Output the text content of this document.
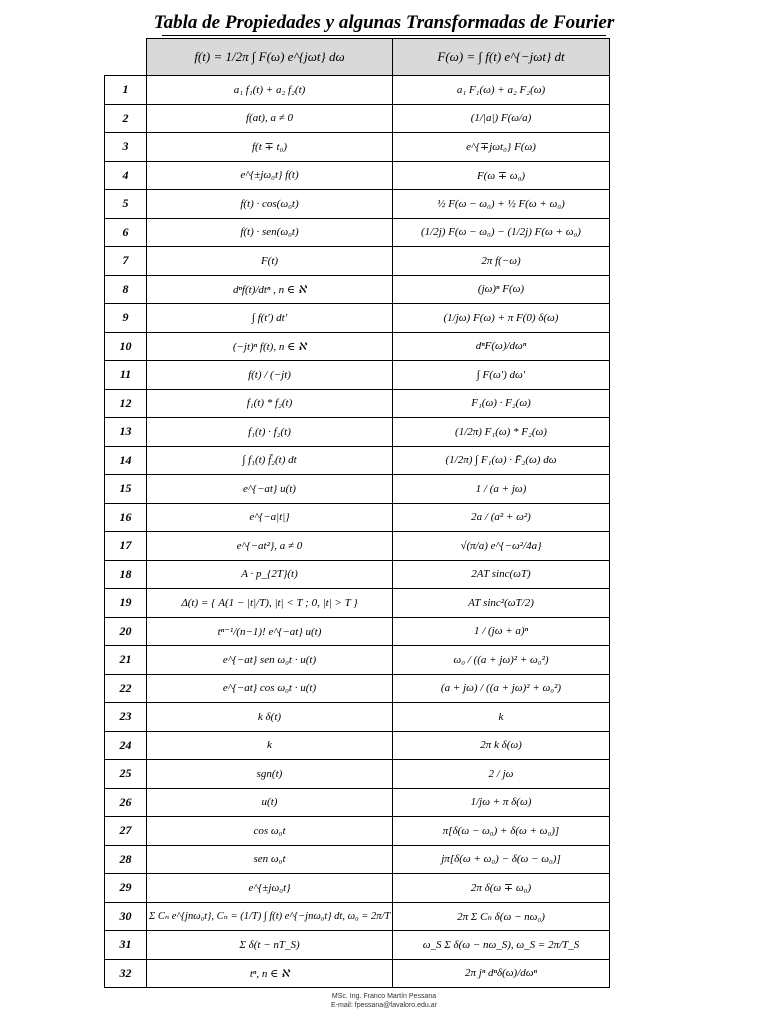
Tabla de Propiedades y algunas Transformadas de Fourier
	f(t) = 1/2π ∫ F(ω) e^{jωt} dω	F(ω) = ∫ f(t) e^{−jωt} dt
1	a₁ f₁(t) + a₂ f₂(t)	a₁ F₁(ω) + a₂ F₂(ω)
2	f(at), a ≠ 0	(1/|a|) F(ω/a)
3	f(t ∓ t₀)	e^{∓jωt₀} F(ω)
4	e^{±jω₀t} f(t)	F(ω ∓ ω₀)
5	f(t) · cos(ω₀t)	½ F(ω − ω₀) + ½ F(ω + ω₀)
6	f(t) · sen(ω₀t)	(1/2j) F(ω − ω₀) − (1/2j) F(ω + ω₀)
7	F(t)	2π f(−ω)
8	dⁿf(t)/dtⁿ , n ∈ ℵ	(jω)ⁿ F(ω)
9	∫ f(t′) dt′	(1/jω) F(ω) + π F(0) δ(ω)
10	(−jt)ⁿ f(t), n ∈ ℵ	dⁿF(ω)/dωⁿ
11	f(t) / (−jt)	∫ F(ω′) dω′
12	f₁(t) * f₂(t)	F₁(ω) · F₂(ω)
13	f₁(t) · f₂(t)	(1/2π) F₁(ω) * F₂(ω)
14	∫ f₁(t) f̄₂(t) dt	(1/2π) ∫ F₁(ω) · F̄₂(ω) dω
15	e^{−at} u(t)	1 / (a + jω)
16	e^{−a|t|}	2a / (a² + ω²)
17	e^{−at²}, a ≠ 0	√(π/a) e^{−ω²/4a}
18	A · p_{2T}(t)	2AT sinc(ωT)
19	Δ(t) = { A(1 − |t|/T), |t| < T ; 0, |t| > T }	AT sinc²(ωT/2)
20	tⁿ⁻¹/(n−1)! e^{−at} u(t)	1 / (jω + a)ⁿ
21	e^{−at} sen ω₀t · u(t)	ω₀ / ((a + jω)² + ω₀²)
22	e^{−at} cos ω₀t · u(t)	(a + jω) / ((a + jω)² + ω₀²)
23	k δ(t)	k
24	k	2π k δ(ω)
25	sgn(t)	2 / jω
26	u(t)	1/jω + π δ(ω)
27	cos ω₀t	π[δ(ω − ω₀) + δ(ω + ω₀)]
28	sen ω₀t	jπ[δ(ω + ω₀) − δ(ω − ω₀)]
29	e^{±jω₀t}	2π δ(ω ∓ ω₀)
30	Σ Cₙ e^{jnω₀t}, Cₙ = (1/T) ∫ f(t) e^{−jnω₀t} dt, ω₀ = 2π/T	2π Σ Cₙ δ(ω − nω₀)
31	Σ δ(t − nT_S)	ω_S Σ δ(ω − nω_S), ω_S = 2π/T_S
32	tⁿ, n ∈ ℵ	2π jⁿ dⁿδ(ω)/dωⁿ
MSc. Ing. Franco Martín Pessana
E-mail: fpessana@favaloro.edu.ar
